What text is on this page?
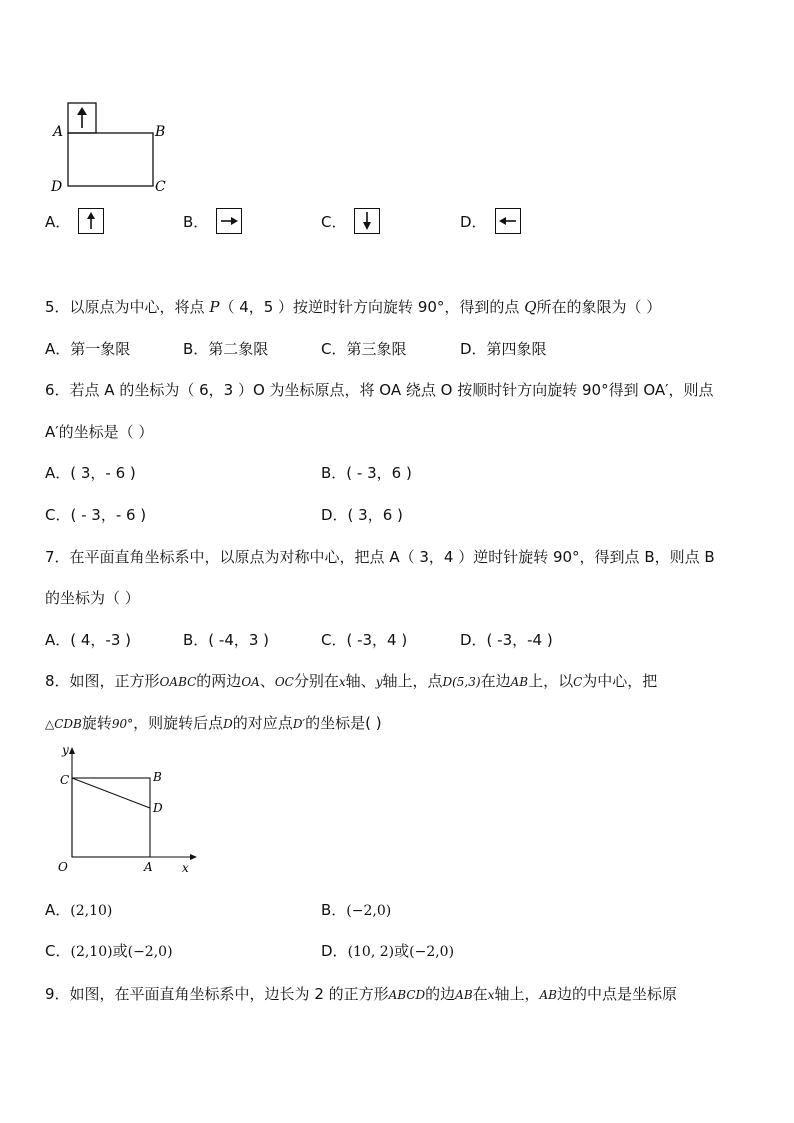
A	B
C
D
A．	B．	C．	D．
5．以原点为中心，将点 P（ 4，5 ）按逆时针方向旋转 90°，得到的点 Q所在的象限为（ ）
A．第一象限	B．第二象限	C．第三象限	D．第四象限
6．若点 A 的坐标为（ 6，3 ）O 为坐标原点，将 OA 绕点 O 按顺时针方向旋转 90°得到 OA′，则点
A′的坐标是（ ）
A．( 3，- 6 )	B．( - 3，6 )
C．( - 3，- 6 )	D．( 3，6 )
7．在平面直角坐标系中，以原点为对称中心，把点 A（ 3，4 ）逆时针旋转 90°，得到点 B，则点 B
的坐标为（ ）
A．( 4，-3 )	B．( -4，3 )	C．( -3，4 )	D．( -3，-4 )
8．如图，正方形OABC的两边OA、OC分别在x轴、y轴上，点D(5,3)在边AB上，以C为中心，把
△CDB旋转90°，则旋转后点D的对应点D′的坐标是( )
y
x
O	A
B
C
D
A．(2,10)	B．(−2,0)
C．(2,10)或(−2,0)	D．(10, 2)或(−2,0)
9．如图，在平面直角坐标系中，边长为 2 的正方形ABCD的边AB在x轴上，AB边的中点是坐标原
